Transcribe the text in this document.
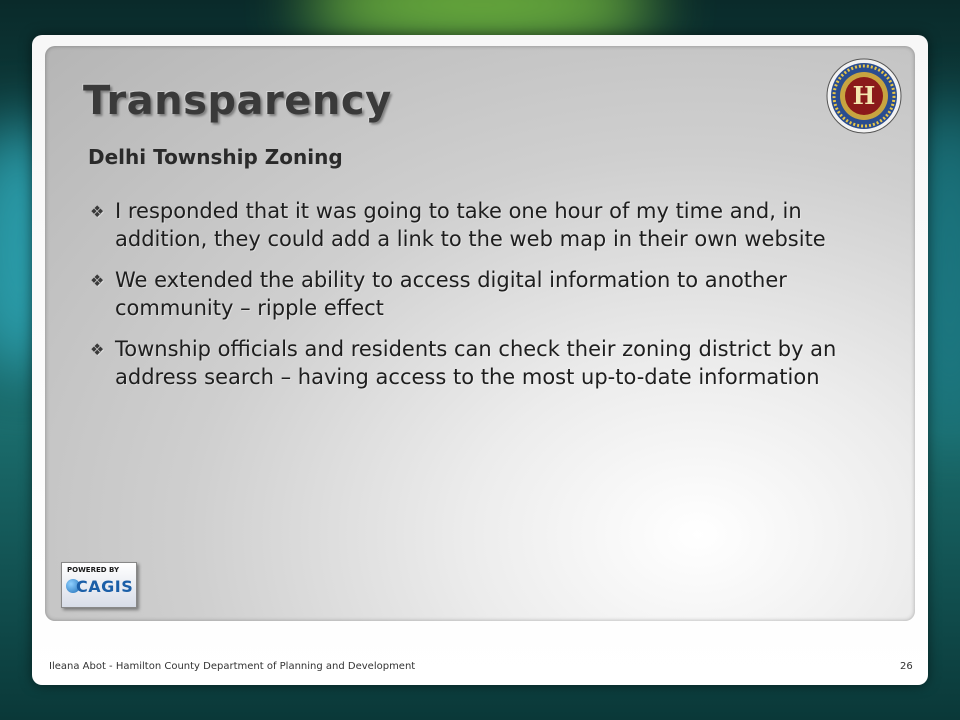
Transparency
Delhi Township Zoning
H
❖ I responded that it was going to take one hour of my time and, in addition, they could add a link to the web map in their own website
❖ We extended the ability to access digital information to another community – ripple effect
❖ Township officials and residents can check their zoning district by an address search – having access to the most up-to-date information
POWERED BY
CAGIS
Ileana Abot - Hamilton County Department of Planning and Development	26
